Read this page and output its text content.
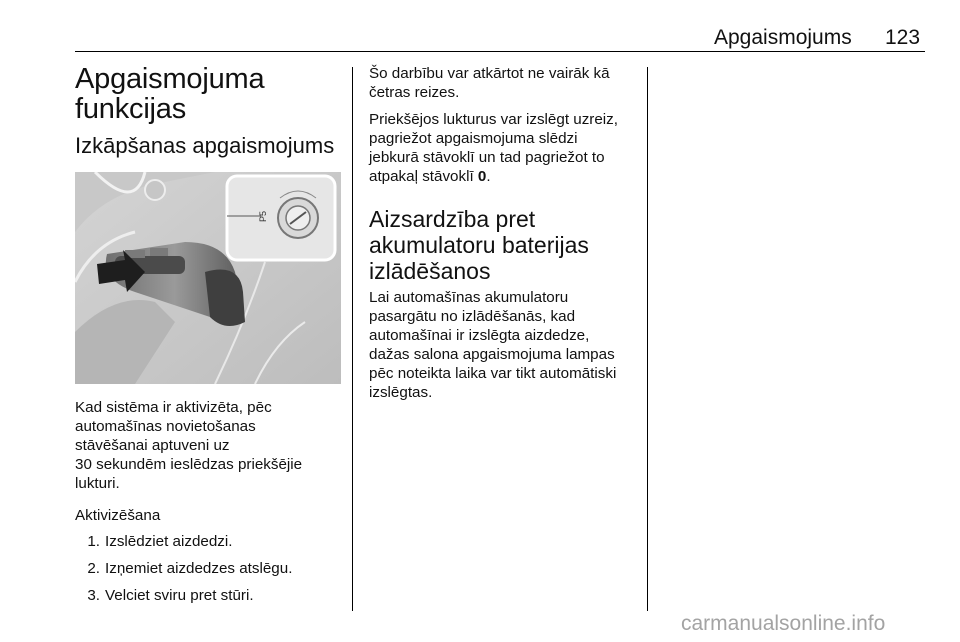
Apgaismojums 123
Apgaismojuma
funkcijas
Izkāpšanas apgaismojums
P5

Kad sistēma ir aktivizēta, pēc

automašīnas novietošanas

stāvēšanai aptuveni uz

30 sekundēm ieslēdzas priekšējie

lukturi.

Aktivizēšana
1. Izslēdziet aizdedzi.
2. Izņemiet aizdedzes atslēgu.
3. Velciet sviru pret stūri.

Šo darbību var atkārtot ne vairāk kā

četras reizes.

Priekšējos lukturus var izslēgt uzreiz,

pagriežot apgaismojuma slēdzi

jebkurā stāvoklī un tad pagriežot to

atpakaļ stāvoklī 0.

Aizsardzība pret
akumulatoru baterijas
izlādēšanos

Lai automašīnas akumulatoru

pasargātu no izlādēšanās, kad

automašīnai ir izslēgta aizdedze,

dažas salona apgaismojuma lampas

pēc noteikta laika var tikt automātiski

izslēgtas.

carmanualsonline.info
